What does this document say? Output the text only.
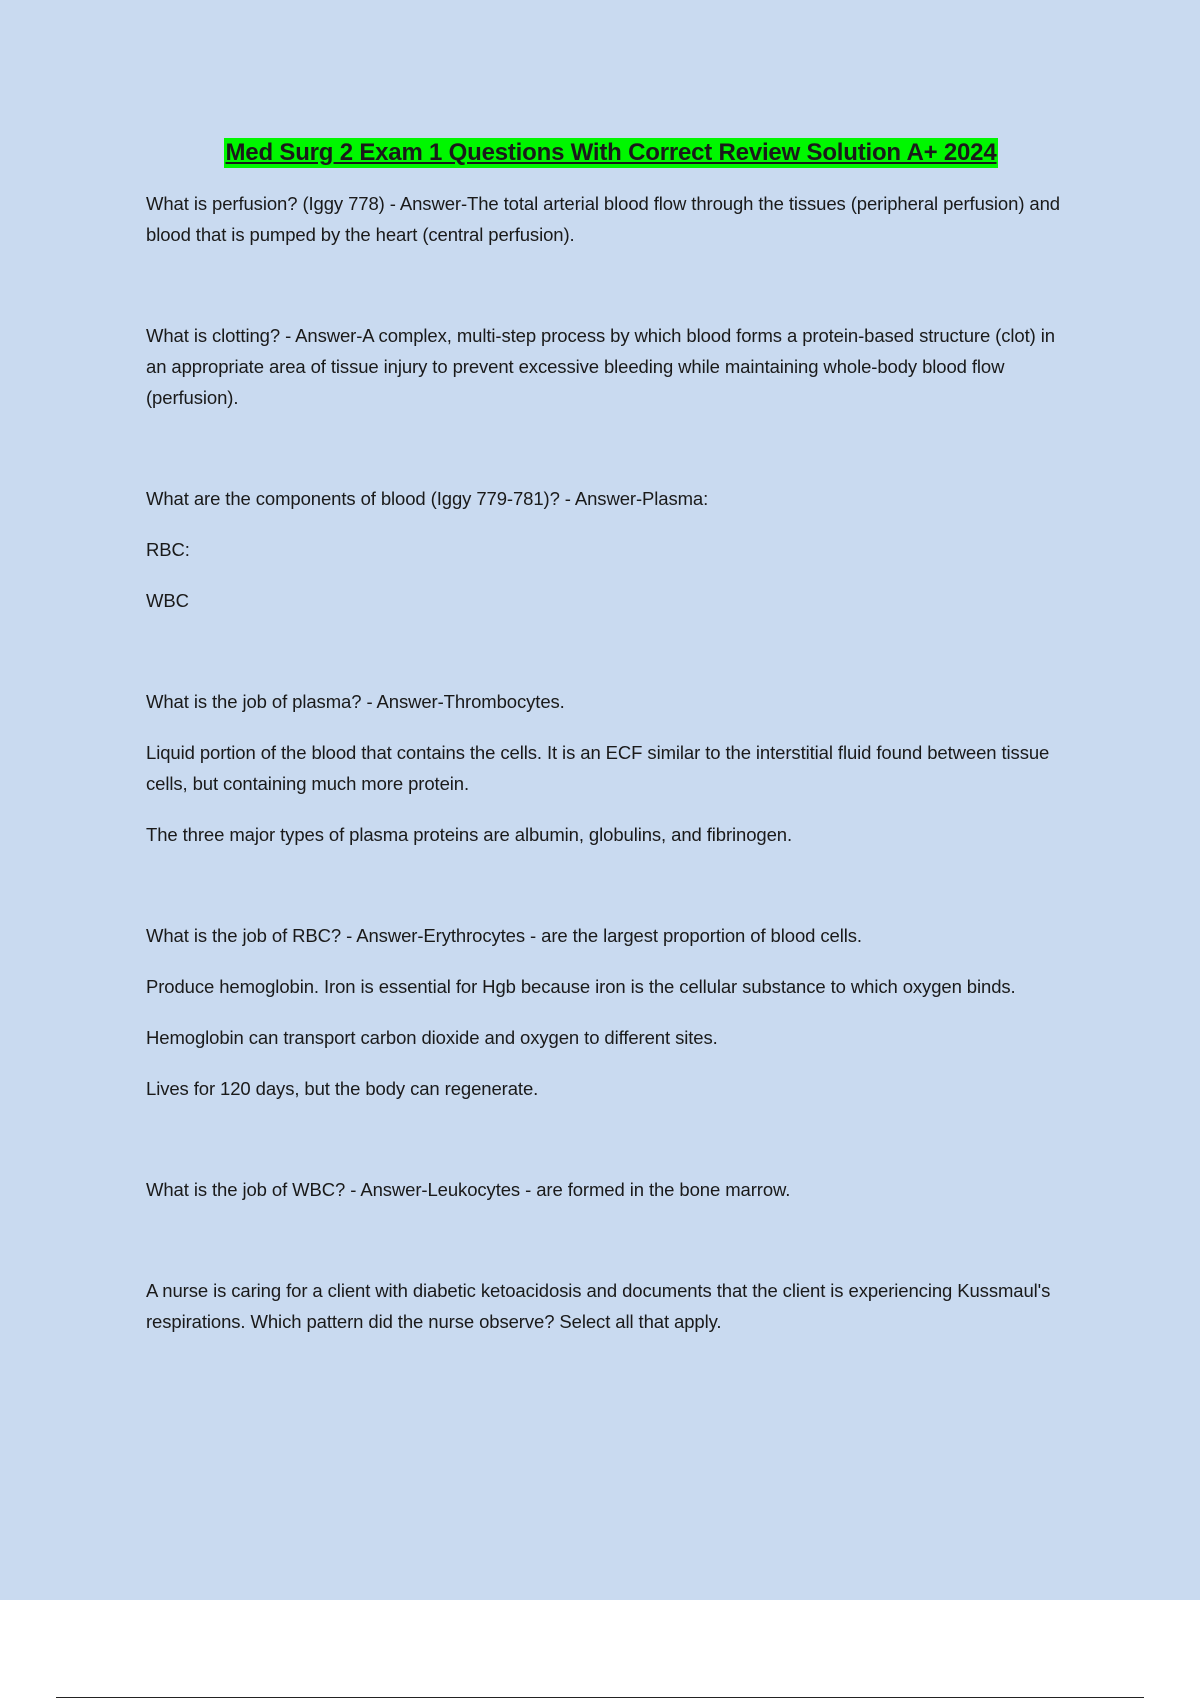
Med Surg 2 Exam 1 Questions With Correct Review Solution A+ 2024

What is perfusion? (Iggy 778) - Answer-The total arterial blood flow through the tissues (peripheral perfusion) and blood that is pumped by the heart (central perfusion).

What is clotting? - Answer-A complex, multi-step process by which blood forms a protein-based structure (clot) in an appropriate area of tissue injury to prevent excessive bleeding while maintaining whole-body blood flow (perfusion).

What are the components of blood (Iggy 779-781)? - Answer-Plasma:

RBC:

WBC

What is the job of plasma? - Answer-Thrombocytes.

Liquid portion of the blood that contains the cells. It is an ECF similar to the interstitial fluid found between tissue cells, but containing much more protein.

The three major types of plasma proteins are albumin, globulins, and fibrinogen.

What is the job of RBC? - Answer-Erythrocytes - are the largest proportion of blood cells.

Produce hemoglobin. Iron is essential for Hgb because iron is the cellular substance to which oxygen binds.

Hemoglobin can transport carbon dioxide and oxygen to different sites.

Lives for 120 days, but the body can regenerate.

What is the job of WBC? - Answer-Leukocytes - are formed in the bone marrow.

A nurse is caring for a client with diabetic ketoacidosis and documents that the client is experiencing Kussmaul's respirations. Which pattern did the nurse observe? Select all that apply.
